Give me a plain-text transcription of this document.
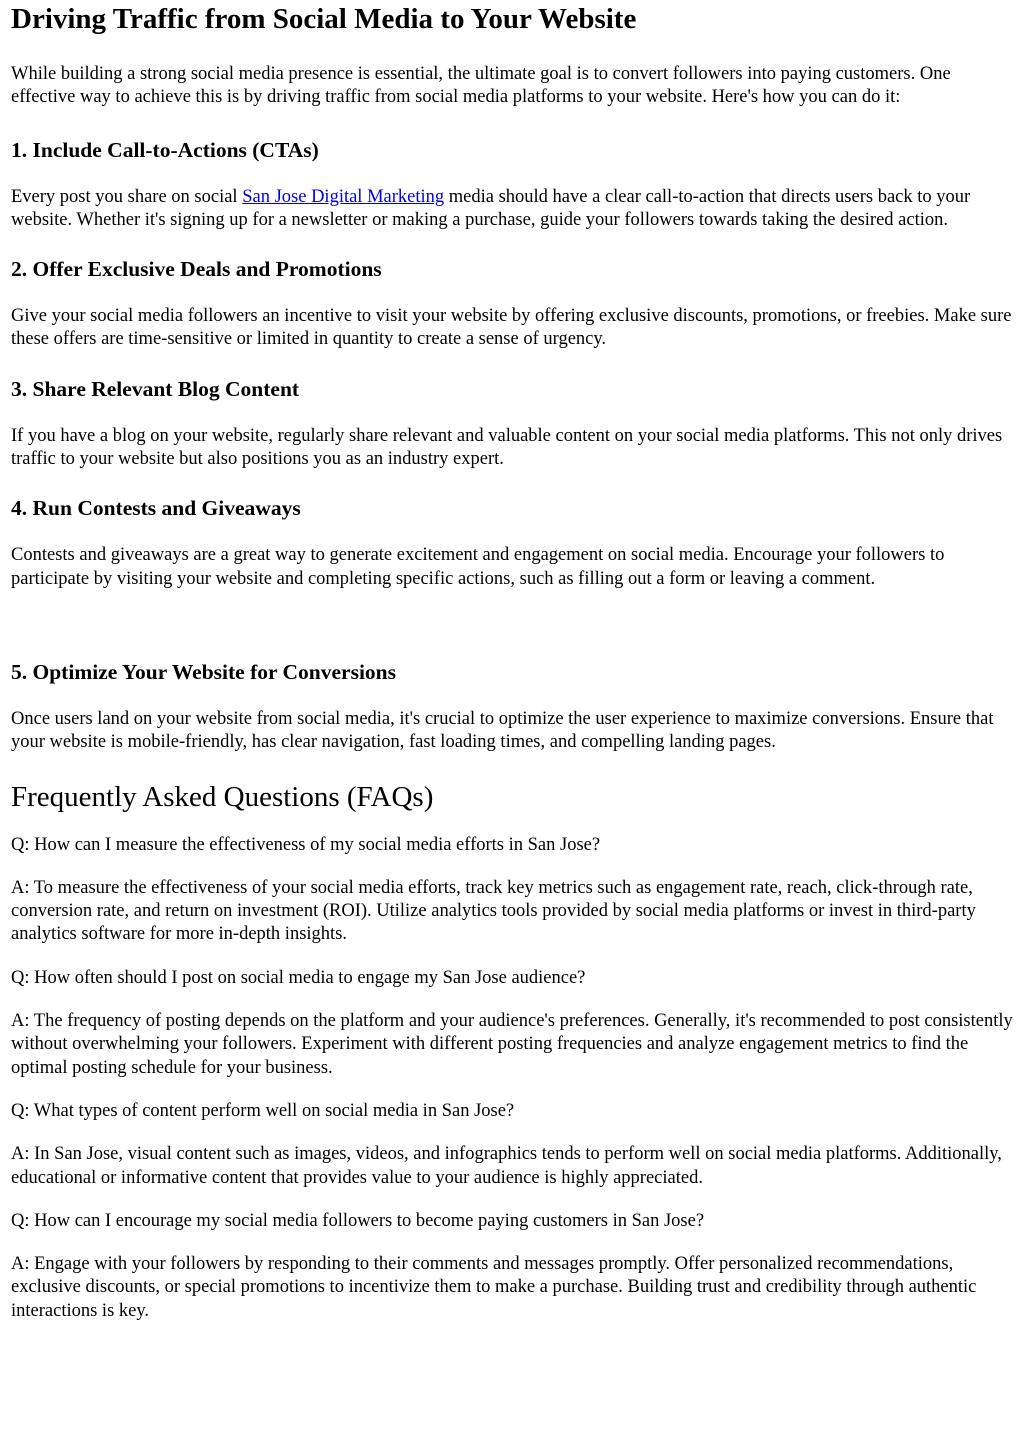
Driving Traffic from Social Media to Your Website

While building a strong social media presence is essential, the ultimate goal is to convert followers into paying customers. One effective way to achieve this is by driving traffic from social media platforms to your website. Here's how you can do it:

1. Include Call-to-Actions (CTAs)

Every post you share on social San Jose Digital Marketing media should have a clear call-to-action that directs users back to your website. Whether it's signing up for a newsletter or making a purchase, guide your followers towards taking the desired action.

2. Offer Exclusive Deals and Promotions

Give your social media followers an incentive to visit your website by offering exclusive discounts, promotions, or freebies. Make sure these offers are time-sensitive or limited in quantity to create a sense of urgency.

3. Share Relevant Blog Content

If you have a blog on your website, regularly share relevant and valuable content on your social media platforms. This not only drives traffic to your website but also positions you as an industry expert.

4. Run Contests and Giveaways

Contests and giveaways are a great way to generate excitement and engagement on social media. Encourage your followers to participate by visiting your website and completing specific actions, such as filling out a form or leaving a comment.

5. Optimize Your Website for Conversions

Once users land on your website from social media, it's crucial to optimize the user experience to maximize conversions. Ensure that your website is mobile-friendly, has clear navigation, fast loading times, and compelling landing pages.

Frequently Asked Questions (FAQs)

Q: How can I measure the effectiveness of my social media efforts in San Jose?

A: To measure the effectiveness of your social media efforts, track key metrics such as engagement rate, reach, click-through rate, conversion rate, and return on investment (ROI). Utilize analytics tools provided by social media platforms or invest in third-party analytics software for more in-depth insights.

Q: How often should I post on social media to engage my San Jose audience?

A: The frequency of posting depends on the platform and your audience's preferences. Generally, it's recommended to post consistently without overwhelming your followers. Experiment with different posting frequencies and analyze engagement metrics to find the optimal posting schedule for your business.

Q: What types of content perform well on social media in San Jose?

A: In San Jose, visual content such as images, videos, and infographics tends to perform well on social media platforms. Additionally, educational or informative content that provides value to your audience is highly appreciated.

Q: How can I encourage my social media followers to become paying customers in San Jose?

A: Engage with your followers by responding to their comments and messages promptly. Offer personalized recommendations, exclusive discounts, or special promotions to incentivize them to make a purchase. Building trust and credibility through authentic interactions is key.
